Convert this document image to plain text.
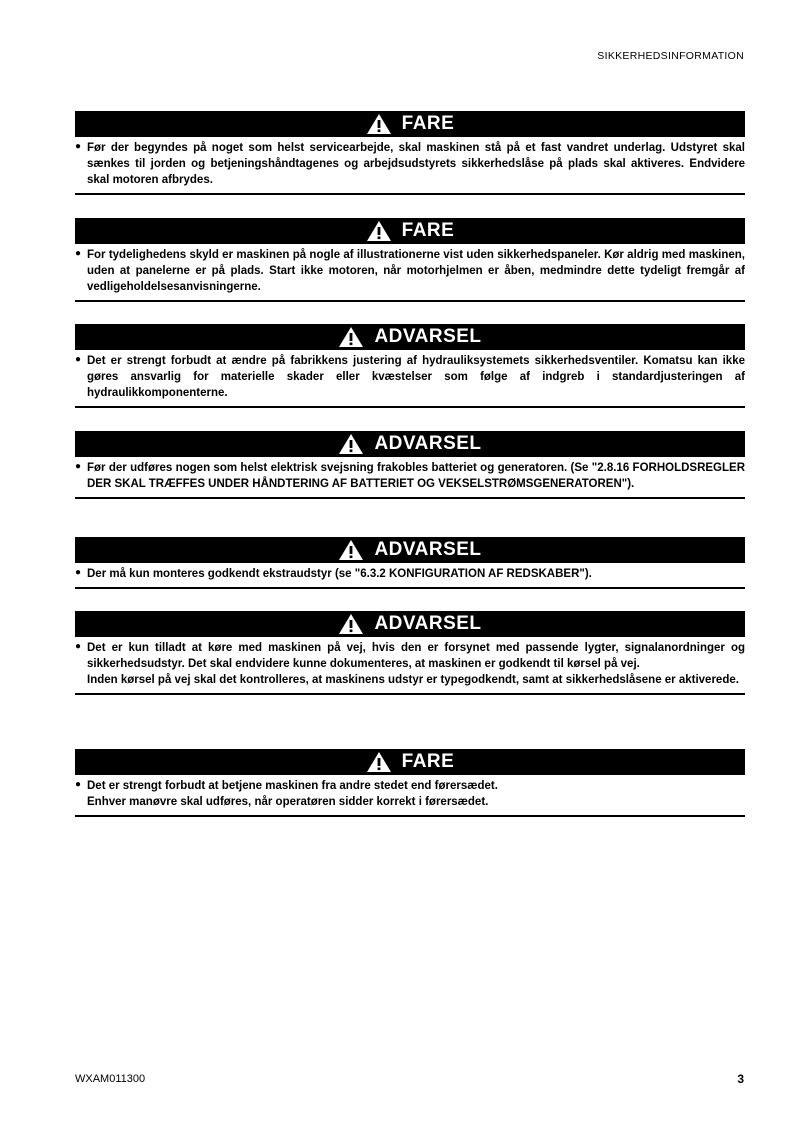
SIKKERHEDSINFORMATION
FARE
● Før der begyndes på noget som helst servicearbejde, skal maskinen stå på et fast vandret underlag. Udstyret skal sænkes til jorden og betjeningshåndtagenes og arbejdsudstyrets sikkerhedslåse på plads skal aktiveres. Endvidere skal motoren afbrydes.

FARE
● For tydelighedens skyld er maskinen på nogle af illustrationerne vist uden sikkerhedspaneler. Kør aldrig med maskinen, uden at panelerne er på plads. Start ikke motoren, når motorhjelmen er åben, medmindre dette tydeligt fremgår af vedligeholdelsesanvisningerne.

ADVARSEL
● Det er strengt forbudt at ændre på fabrikkens justering af hydrauliksystemets sikkerhedsventiler. Komatsu kan ikke gøres ansvarlig for materielle skader eller kvæstelser som følge af indgreb i standardjusteringen af hydraulikkomponenterne.

ADVARSEL
● Før der udføres nogen som helst elektrisk svejsning frakobles batteriet og generatoren. (Se "2.8.16 FORHOLDSREGLER DER SKAL TRÆFFES UNDER HÅNDTERING AF BATTERIET OG VEKSELSTRØMSGENERATOREN").

ADVARSEL
● Der må kun monteres godkendt ekstraudstyr (se "6.3.2 KONFIGURATION AF REDSKABER").

ADVARSEL
● Det er kun tilladt at køre med maskinen på vej, hvis den er forsynet med passende lygter, signalanordninger og sikkerhedsudstyr. Det skal endvidere kunne dokumenteres, at maskinen er godkendt til kørsel på vej.

Inden kørsel på vej skal det kontrolleres, at maskinens udstyr er typegodkendt, samt at sikkerhedslåsene er aktiverede.

FARE
● Det er strengt forbudt at betjene maskinen fra andre stedet end førersædet.

Enhver manøvre skal udføres, når operatøren sidder korrekt i førersædet.

WXAM011300	3
